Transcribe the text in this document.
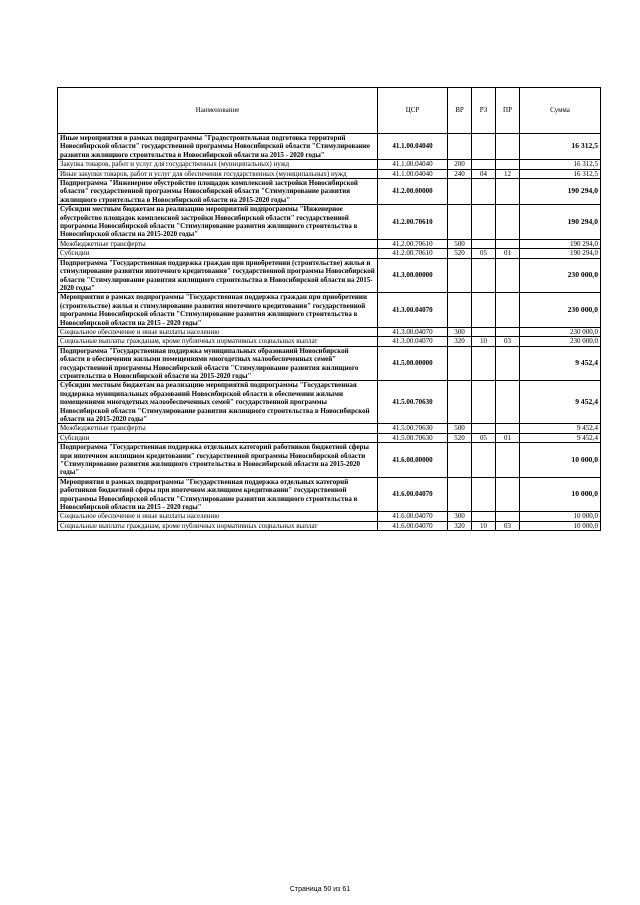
Наименование	ЦСР	ВР	РЗ	ПР	Сумма
Иные мероприятия в рамках подпрограммы "Градостроительная подготовка территорий Новосибирской области" государственной программы Новосибирской области "Стимулирование развития жилищного строительства в Новосибирской области на 2015 - 2020 годы"	41.1.00.04040				16 312,5
Закупка товаров, работ и услуг для государственных (муниципальных) нужд	41.1.00.04040	200			16 312,5
Иные закупки товаров, работ и услуг для обеспечения государственных (муниципальных) нужд	41.1.00.04040	240	04	12	16 312,5
Подпрограмма "Инженерное обустройство площадок комплексной застройки Новосибирской области" государственной программы Новосибирской области "Стимулирование развития жилищного строительства в Новосибирской области на 2015-2020 годы"	41.2.00.00000				190 294,0
Субсидии местным бюджетам на реализацию мероприятий подпрограммы "Инженерное обустройство площадок комплексной застройки Новосибирской области" государственной программы Новосибирской области "Стимулирование развития жилищного строительства в Новосибирской области на 2015-2020 годы"	41.2.00.70610				190 294,0
Межбюджетные трансферты	41.2.00.70610	500			190 294,0
Субсидии	41.2.00.70610	520	05	01	190 294,0
Подпрограмма "Государственная поддержка граждан при приобретении (строительстве) жилья и стимулирование развития ипотечного кредитования" государственной программы Новосибирской области "Стимулирование развития жилищного строительства в Новосибирской области на 2015-2020 годы"	41.3.00.00000				230 000,0
Мероприятия в рамках подпрограммы "Государственная поддержка граждан при приобретении (строительстве) жилья и стимулирование развития ипотечного кредитования" государственной программы Новосибирской области "Стимулирование развития жилищного строительства в Новосибирской области на 2015 - 2020 годы"	41.3.00.04070				230 000,0
Социальное обеспечение и иные выплаты населению	41.3.00.04070	300			230 000,0
Социальные выплаты гражданам, кроме публичных нормативных социальных выплат	41.3.00.04070	320	10	03	230 000,0
Подпрограмма "Государственная поддержка муниципальных образований Новосибирской области в обеспечении жилыми помещениями многодетных малообеспеченных семей" государственной программы Новосибирской области "Стимулирование развития жилищного строительства в Новосибирской области на 2015-2020 годы"	41.5.00.00000				9 452,4
Субсидии местным бюджетам на реализацию мероприятий подпрограммы "Государственная поддержка муниципальных образований Новосибирской области в обеспечении жилыми помещениями многодетных малообеспеченных семей" государственной программы Новосибирской области "Стимулирование развития жилищного строительства в Новосибирской области на 2015-2020 годы"	41.5.00.70630				9 452,4
Межбюджетные трансферты	41.5.00.70630	500			9 452,4
Субсидии	41.5.00.70630	520	05	01	9 452,4
Подпрограмма "Государственная поддержка отдельных категорий работников бюджетной сферы при ипотечном жилищном кредитовании" государственной программы Новосибирской области "Стимулирование развития жилищного строительства в Новосибирской области на 2015-2020 годы"	41.6.00.00000				10 000,0
Мероприятия в рамках подпрограммы "Государственная поддержка отдельных категорий работников бюджетной сферы при ипотечном жилищном кредитовании" государственной программы Новосибирской области "Стимулирование развития жилищного строительства в Новосибирской области на 2015 - 2020 годы"	41.6.00.04070				10 000,0
Социальное обеспечение и иные выплаты населению	41.6.00.04070	300			10 000,0
Социальные выплаты гражданам, кроме публичных нормативных социальных выплат	41.6.00.04070	320	10	03	10 000,0
Страница 50 из 61
